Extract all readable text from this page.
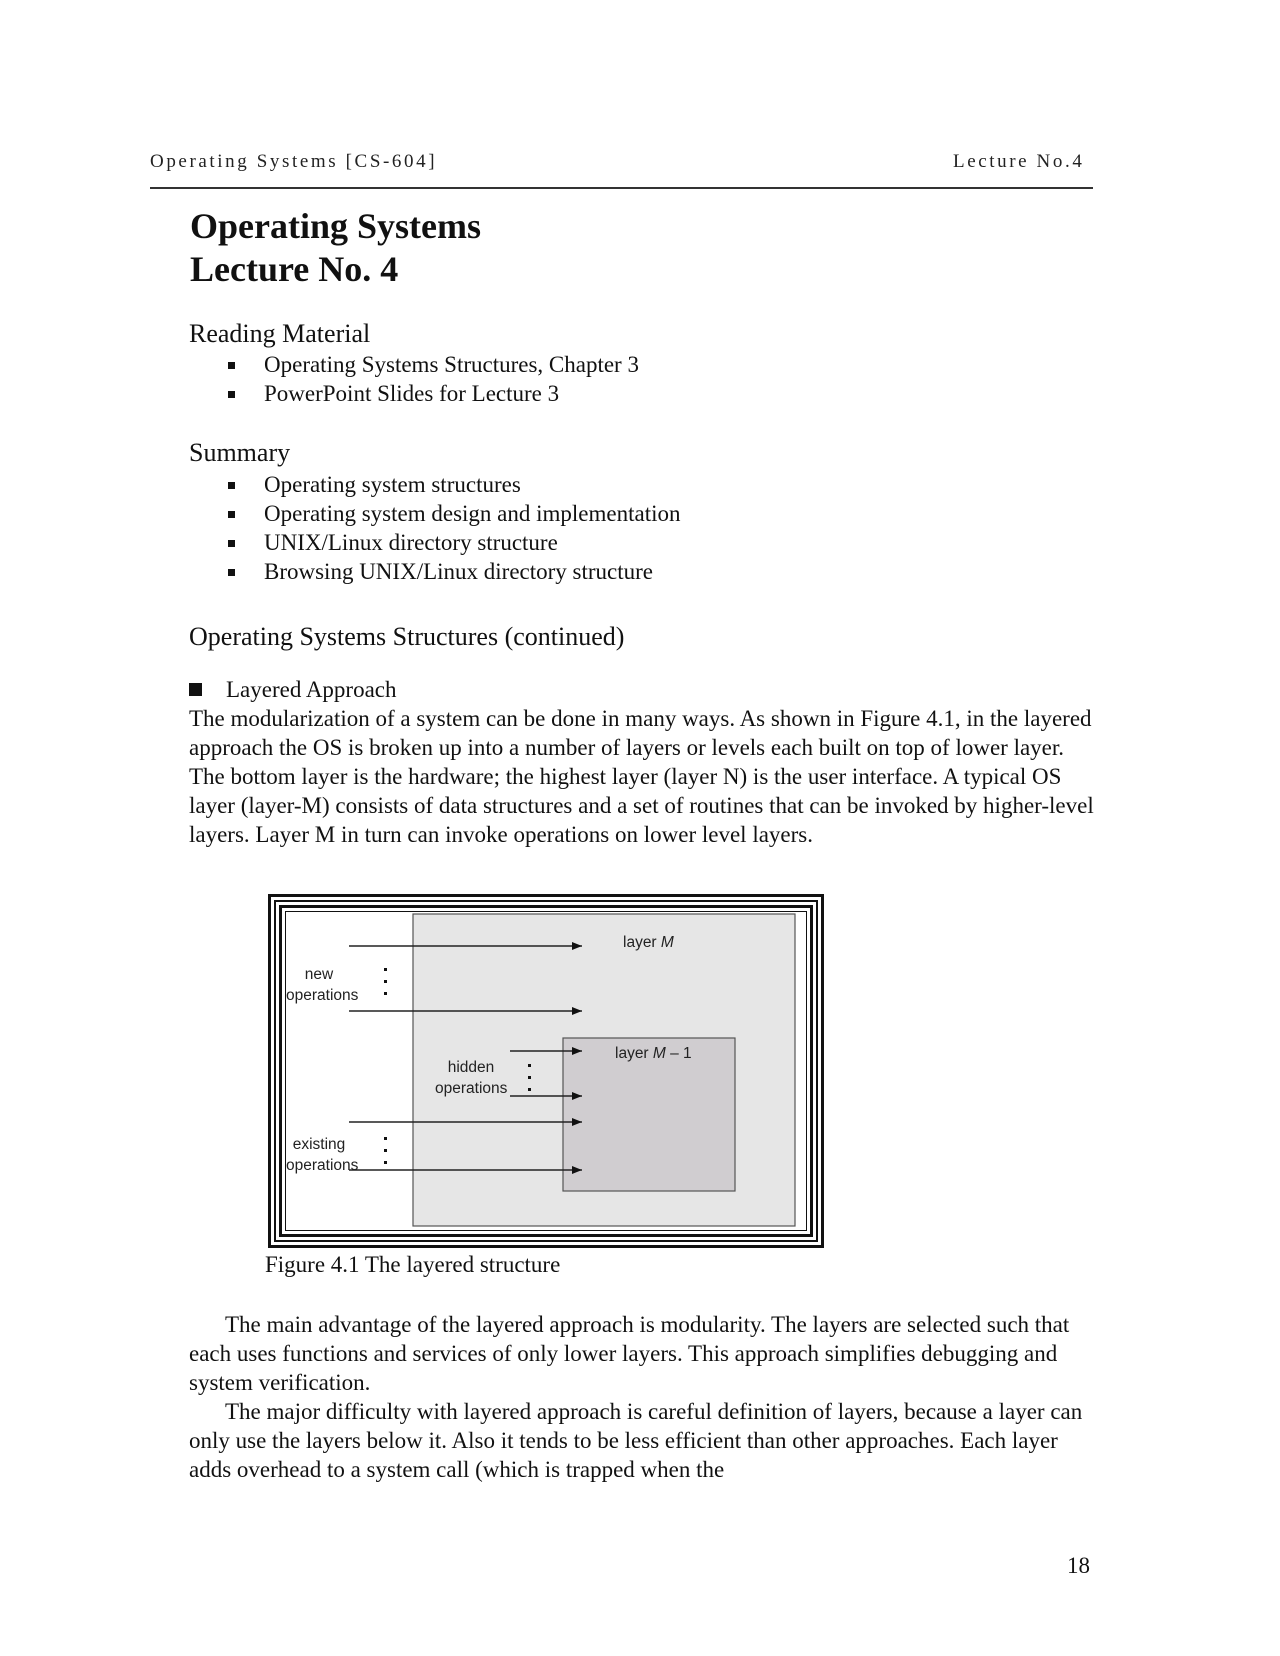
Operating Systems [CS-604]	Lecture No.4
Operating Systems
Lecture No. 4
Reading Material
Operating Systems Structures, Chapter 3
PowerPoint Slides for Lecture 3
Summary
Operating system structures
Operating system design and implementation
UNIX/Linux directory structure
Browsing UNIX/Linux directory structure
Operating Systems Structures (continued)
Layered Approach
The modularization of a system can be done in many ways. As shown in Figure 4.1, in the layered approach the OS is broken up into a number of layers or levels each built on top of lower layer. The bottom layer is the hardware; the highest layer (layer N) is the user interface. A typical OS layer (layer-M) consists of data structures and a set of routines that can be invoked by higher-level layers. Layer M in turn can invoke operations on lower level layers.
layer M
layer M – 1
new
operations
hidden
operations
existing
operations
Figure 4.1 The layered structure
The main advantage of the layered approach is modularity. The layers are selected such that each uses functions and services of only lower layers. This approach simplifies debugging and system verification.
The major difficulty with layered approach is careful definition of layers, because a layer can only use the layers below it. Also it tends to be less efficient than other approaches. Each layer adds overhead to a system call (which is trapped when the
18
